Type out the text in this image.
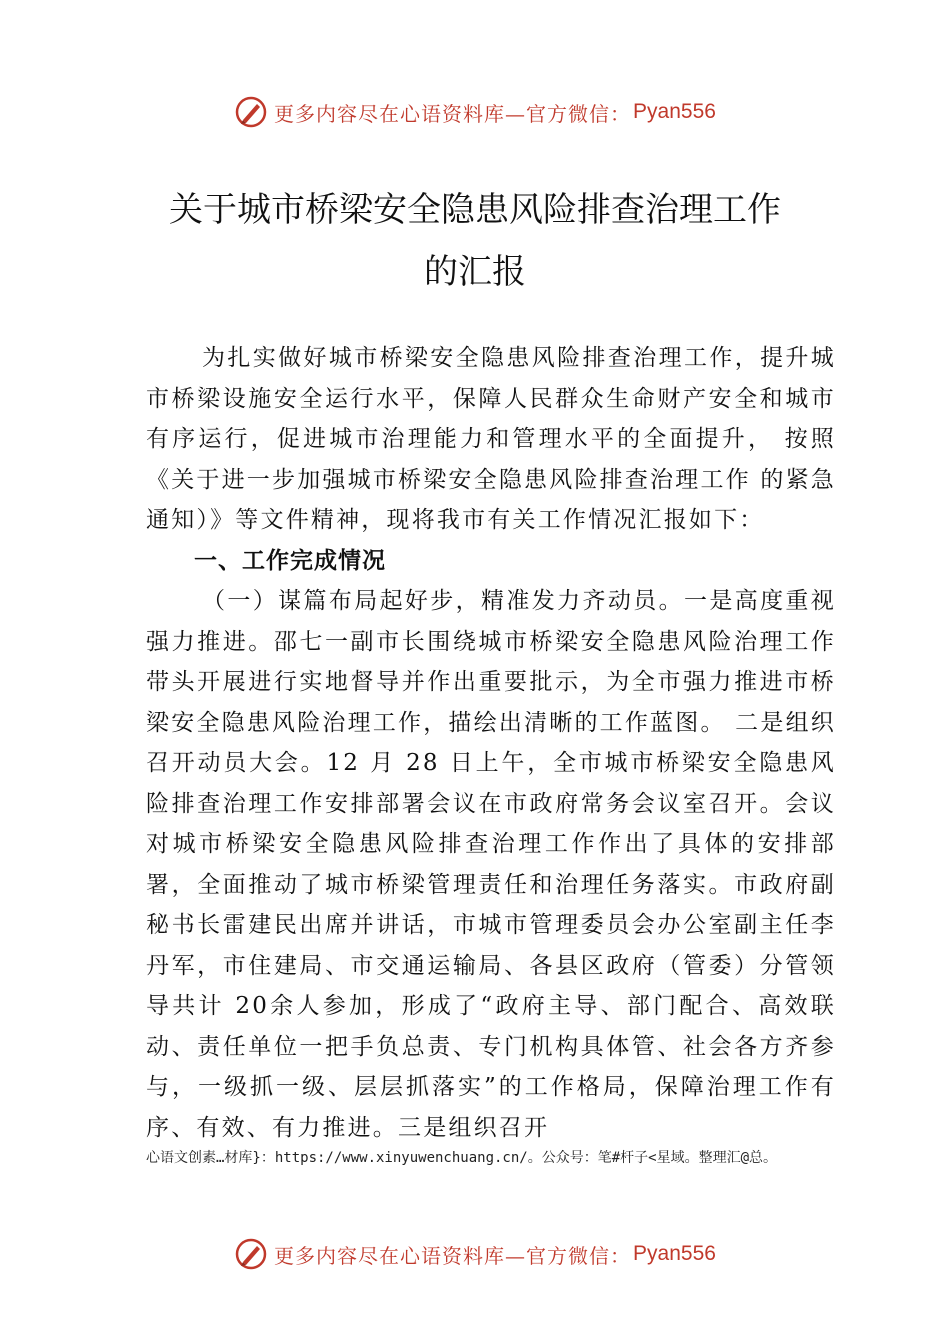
更多内容尽在心语资料库—官方微信： Pyan556
关于城市桥梁安全隐患风险排查治理工作
的汇报

为扎实做好城市桥梁安全隐患风险排查治理工作，提升城市桥梁设施安全运行水平，保障人民群众生命财产安全和城市有序运行，促进城市治理能力和管理水平的全面提升， 按照《关于进一步加强城市桥梁安全隐患风险排查治理工作 的紧急通知）》等文件精神，现将我市有关工作情况汇报如下：

一、工作完成情况

（一）谋篇布局起好步，精准发力齐动员。一是高度重视强力推进。邵七一副市长围绕城市桥梁安全隐患风险治理工作带头开展进行实地督导并作出重要批示，为全市强力推进市桥梁安全隐患风险治理工作，描绘出清晰的工作蓝图。 二是组织召开动员大会。12 月 28 日上午，全市城市桥梁安全隐患风险排查治理工作安排部署会议在市政府常务会议室召开。会议对城市桥梁安全隐患风险排查治理工作作出了具体的安排部署，全面推动了城市桥梁管理责任和治理任务落实。市政府副秘书长雷建民出席并讲话，市城市管理委员会办公室副主任李丹军，市住建局、市交通运输局、各县区政府（管委）分管领导共计 20余人参加，形成了“政府主导、部门配合、高效联动、责任单位一把手负总责、专门机构具体管、社会各方齐参与，一级抓一级、层层抓落实”的工作格局，保障治理工作有序、有效、有力推进。三是组织召开

心语文创素…材库}：https://www.xinyuwenchuang.cn/。公众号：笔#杆子<星域。整理汇@总。
更多内容尽在心语资料库—官方微信： Pyan556
